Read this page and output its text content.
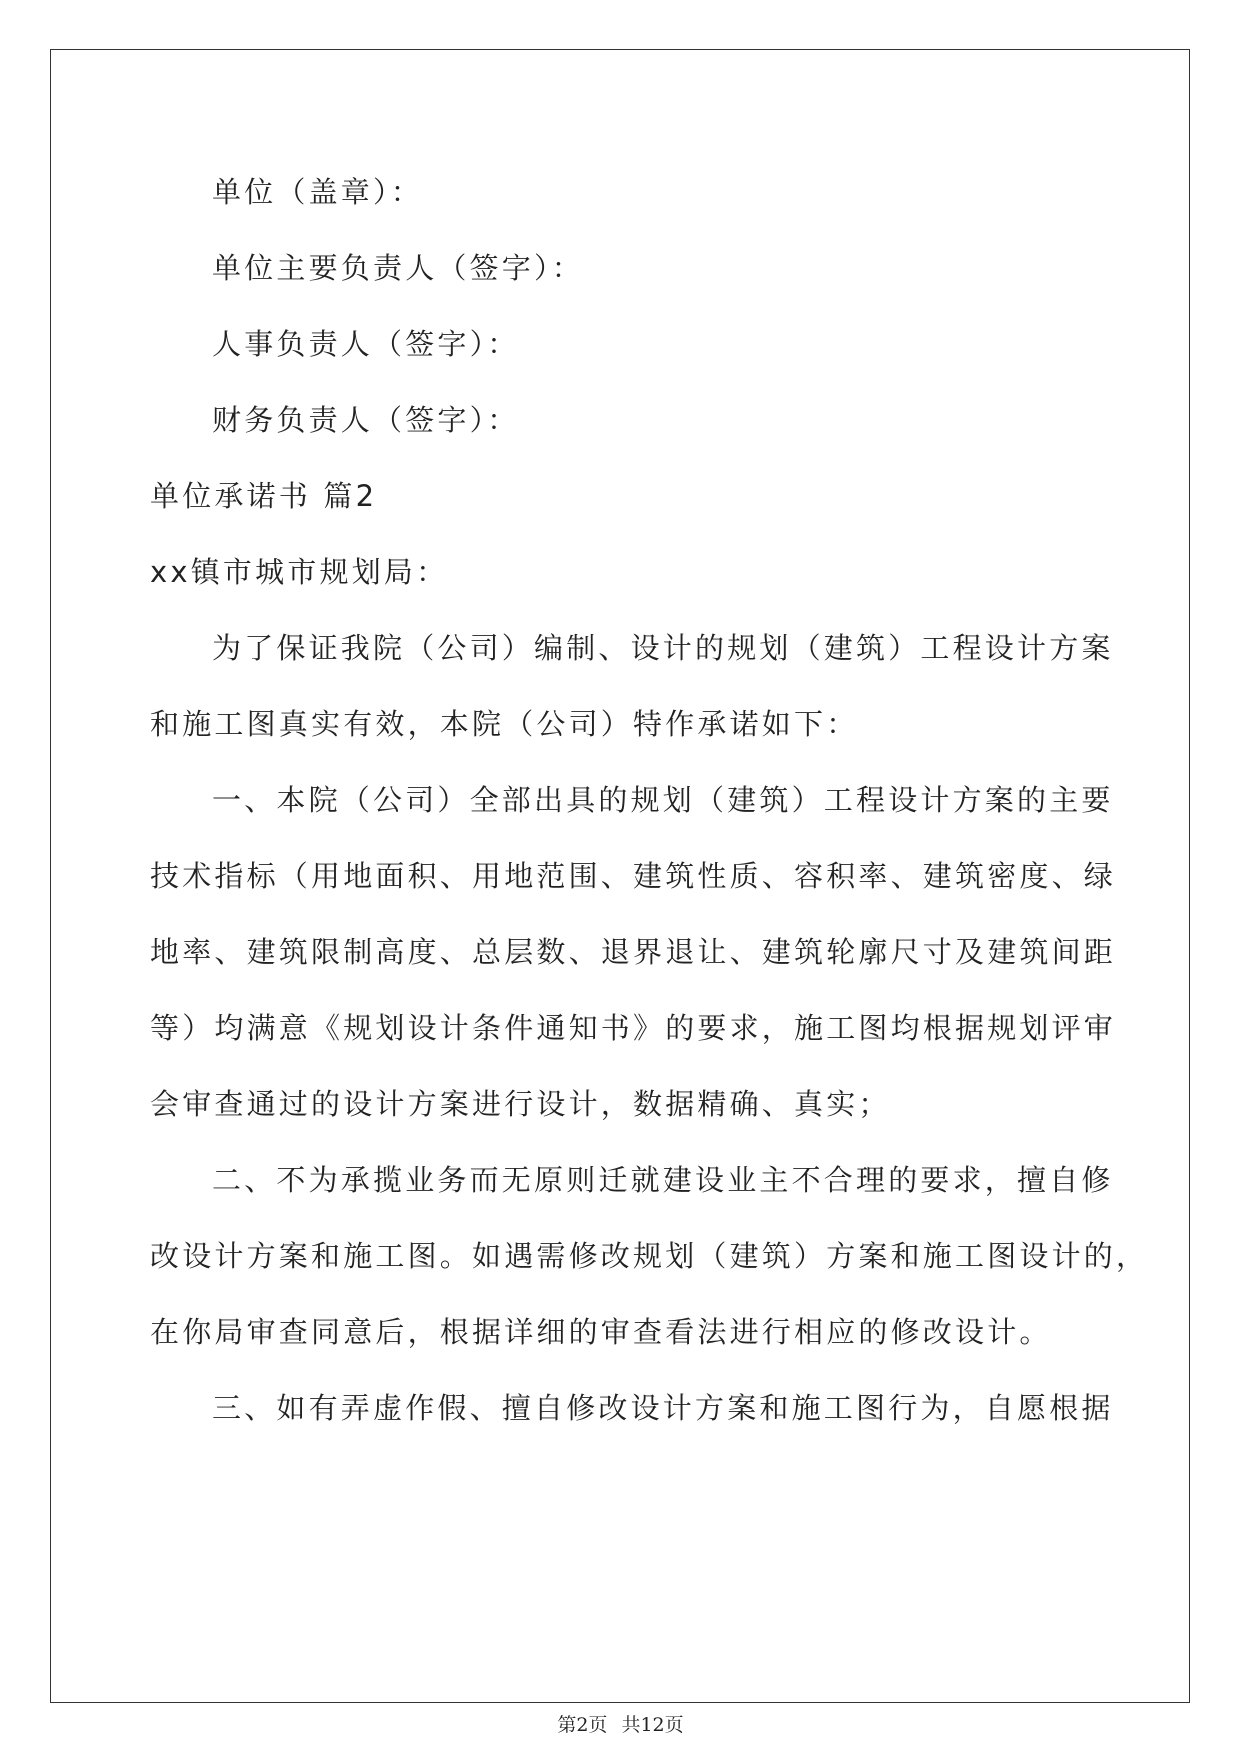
单位（盖章）：
单位主要负责人（签字）：
人事负责人（签字）：
财务负责人（签字）：
单位承诺书 篇2
xx镇市城市规划局：
为了保证我院（公司）编制、设计的规划（建筑）工程设计方案
和施工图真实有效，本院（公司）特作承诺如下：
一、本院（公司）全部出具的规划（建筑）工程设计方案的主要
技术指标（用地面积、用地范围、建筑性质、容积率、建筑密度、绿
地率、建筑限制高度、总层数、退界退让、建筑轮廓尺寸及建筑间距
等）均满意《规划设计条件通知书》的要求，施工图均根据规划评审
会审查通过的设计方案进行设计，数据精确、真实；
二、不为承揽业务而无原则迁就建设业主不合理的要求，擅自修
改设计方案和施工图。如遇需修改规划（建筑）方案和施工图设计的，
在你局审查同意后，根据详细的审查看法进行相应的修改设计。
三、如有弄虚作假、擅自修改设计方案和施工图行为，自愿根据
第2页 共12页
